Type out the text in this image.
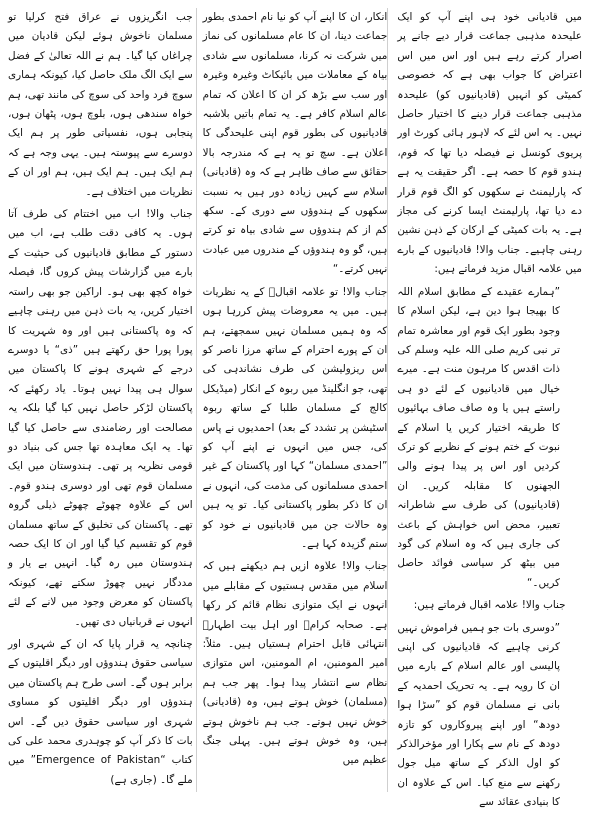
میں قادیانی خود ہی اپنے آپ کو ایک علیحدہ مذہبی جماعت قرار دیے جانے پر اصرار کرتے رہے ہیں اور اس میں اس اعتراض کا جواب بھی ہے کہ خصوصی کمیٹی کو انہیں (قادیانیوں کو) علیحدہ مذہبی جماعت قرار دینے کا اختیار حاصل نہیں۔ یہ اس لئے کہ لاہور ہائی کورٹ اور پریوی کونسل نے فیصلہ دیا تھا کہ قوم، ہندو قوم کا حصہ ہے۔ اگر حقیقت یہ ہے کہ پارلیمنٹ نے سکھوں کو الگ قوم قرار دے دیا تھا، پارلیمنٹ ایسا کرنے کی مجاز ہے۔ یہ بات کمیٹی کے ارکان کے ذہن نشین رہنی چاہیے۔ جناب والا! قادیانیوں کے بارے میں علامہ اقبال مزید فرماتے ہیں:

”ہمارے عقیدے کے مطابق اسلام اللہ کا بھیجا ہوا دین ہے، لیکن اسلام کا وجود بطور ایک قوم اور معاشرہ تمام تر نبی کریم صلی اللہ علیہ وسلم کی ذات اقدس کا مرہون منت ہے۔ میرے خیال میں قادیانیوں کے لئے دو ہی راستے ہیں یا وہ صاف صاف بہائیوں کا طریقہ اختیار کریں یا اسلام کے نبوت کے ختم ہونے کے نظریے کو ترک کردیں اور اس پر پیدا ہونے والی الجھنوں کا مقابلہ کریں۔ ان (قادیانیوں) کی طرف سے شاطرانہ تعبیر، محض اس خواہش کے باعث کی جاری ہیں کہ وہ اسلام کی گود میں بیٹھ کر سیاسی فوائد حاصل کریں۔“

جناب والا! علامہ اقبال فرماتے ہیں:

”دوسری بات جو ہمیں فراموش نہیں کرنی چاہیے کہ قادیانیوں کی اپنی پالیسی اور عالم اسلام کے بارے میں ان کا رویہ ہے۔ یہ تحریک احمدیہ کے بانی نے مسلمان قوم کو ”سڑا ہوا دودھ“ اور اپنے پیروکاروں کو تازہ دودھ کے نام سے پکارا اور مؤخرالذکر کو اول الذکر کے ساتھ میل جول رکھنے سے منع کیا۔ اس کے علاوہ ان کا بنیادی عقائد سے

انکار، ان کا اپنے آپ کو نیا نام احمدی بطور جماعت دینا، ان کا عام مسلمانوں کی نماز میں شرکت نہ کرنا، مسلمانوں سے شادی بیاہ کے معاملات میں بائیکاٹ وغیرہ وغیرہ اور سب سے بڑھ کر ان کا اعلان کہ تمام عالم اسلام کافر ہے۔ یہ تمام باتیں بلاشبہ قادیانیوں کی بطور قوم اپنی علیحدگی کا اعلان ہے۔ سچ تو یہ ہے کہ مندرجہ بالا حقائق سے صاف ظاہر ہے کہ وہ (قادیانی) اسلام سے کہیں زیادہ دور ہیں بہ نسبت سکھوں کے ہندوؤں سے دوری کے۔ سکھ کم از کم ہندوؤں سے شادی بیاہ تو کرتے ہیں، گو وہ ہندوؤں کے مندروں میں عبادت نہیں کرتے۔“

جناب والا! تو علامہ اقبالؒ کے یہ نظریات ہیں۔ میں یہ معروضات پیش کررہا ہوں کہ وہ ہمیں مسلمان نہیں سمجھتے، ہم ان کے پورے احترام کے ساتھ مرزا ناصر کو اس ریزولیشن کی طرف نشاندہی کی تھی، جو انگلینڈ میں ربوہ کے انکار (میڈیکل کالج کے مسلمان طلبا کے ساتھ ربوہ اسٹیشن پر تشدد کے بعد) احمدیوں نے پاس کی، جس میں انہوں نے اپنے آپ کو ”احمدی مسلمان“ کہا اور پاکستان کے غیر احمدی مسلمانوں کی مذمت کی، انہوں نے ان کا ذکر بطور پاکستانی کیا۔ تو یہ ہیں وہ حالات جن میں قادیانیوں نے خود کو ستم گزیدہ کہا ہے۔

جناب والا! علاوہ ازیں ہم دیکھتے ہیں کہ اسلام میں مقدس ہستیوں کے مقابلے میں انہوں نے ایک متوازی نظام قائم کر رکھا ہے۔ صحابہ کرامؓ اور اہل بیت اطہارؓ انتہائی قابل احترام ہستیاں ہیں۔ مثلاً: امیر المومنین، ام المومنین، اس متوازی نظام سے انتشار پیدا ہوا۔ پھر جب ہم (مسلمان) خوش ہوتے ہیں، وہ (قادیانی) خوش نہیں ہوتے۔ جب ہم ناخوش ہوتے ہیں، وہ خوش ہوتے ہیں۔ پہلی جنگ عظیم میں

جب انگریزوں نے عراق فتح کرلیا تو مسلمان ناخوش ہوئے لیکن قادیان میں چراغاں کیا گیا۔ ہم نے اللہ تعالیٰ کے فضل سے ایک الگ ملک حاصل کیا، کیونکہ ہماری سوچ فرد واحد کی سوچ کی مانند تھی، ہم خواہ سندھی ہوں، بلوچ ہوں، پٹھان ہوں، پنجابی ہوں، نفسیاتی طور پر ہم ایک دوسرے سے پیوستہ ہیں۔ یہی وجہ ہے کہ ہم ایک ہیں۔ ہم ایک ہیں، ہم اور ان کے نظریات میں اختلاف ہے۔

جناب والا! اب میں اختتام کی طرف آتا ہوں۔ یہ کافی دقت طلب ہے، اب میں دستور کے مطابق قادیانیوں کی حیثیت کے بارے میں گزارشات پیش کروں گا، فیصلہ خواہ کچھ بھی ہو۔ اراکین جو بھی راستہ اختیار کریں، یہ بات ذہن میں رہنی چاہیے کہ وہ پاکستانی ہیں اور وہ شہریت کا پورا پورا حق رکھتے ہیں ”ذی“ یا دوسرے درجے کے شہری ہونے کا پاکستان میں سوال ہی پیدا نہیں ہوتا۔ یاد رکھئے کہ پاکستان لڑکر حاصل نہیں کیا گیا بلکہ یہ مصالحت اور رضامندی سے حاصل کیا گیا تھا۔ یہ ایک معاہدہ تھا جس کی بنیاد دو قومی نظریہ پر تھی۔ ہندوستان میں ایک مسلمان قوم تھی اور دوسری ہندو قوم۔ اس کے علاوہ چھوٹے چھوٹے ذیلی گروہ تھے۔ پاکستان کی تخلیق کے ساتھ مسلمان قوم کو تقسیم کیا گیا اور ان کا ایک حصہ ہندوستان میں رہ گیا۔ انہیں بے یار و مددگار نہیں چھوڑ سکتے تھے، کیونکہ پاکستان کو معرض وجود میں لانے کے لئے انہوں نے قربانیاں دی تھیں۔

چنانچہ یہ قرار پایا کہ ان کے شہری اور سیاسی حقوق ہندوؤں اور دیگر اقلیتوں کے برابر ہوں گے۔ اسی طرح ہم پاکستان میں ہندوؤں اور دیگر اقلیتوں کو مساوی شہری اور سیاسی حقوق دیں گے۔ اس بات کا ذکر آپ کو چوہدری محمد علی کی کتاب “Emergence of Pakistan” میں ملے گا۔ (جاری ہے)
